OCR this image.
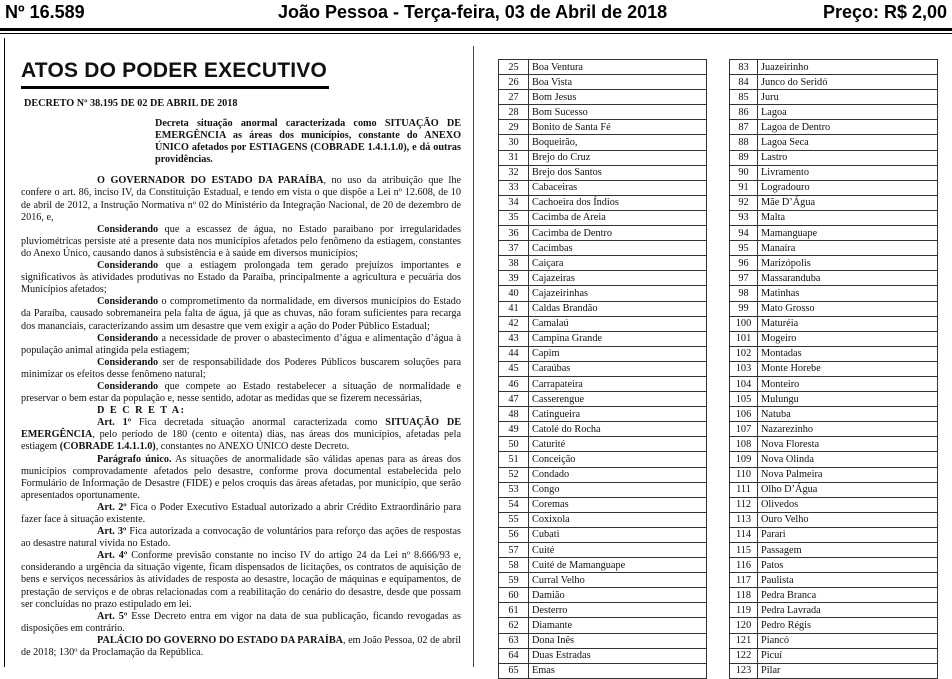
Nº 16.589	João Pessoa - Terça-feira, 03 de Abril de 2018	Preço: R$ 2,00
ATOS DO PODER EXECUTIVO
DECRETO Nº 38.195 DE 02 DE ABRIL DE 2018

Decreta situação anormal caracterizada como SITUAÇÃO DE EMERGÊNCIA as áreas dos municípios, constante do ANEXO ÚNICO afetados por ESTIAGENS (COBRADE 1.4.1.1.0), e dá outras providências.

O GOVERNADOR DO ESTADO DA PARAÍBA, no uso da atribuição que lhe confere o art. 86, inciso IV, da Constituição Estadual, e tendo em vista o que dispõe a Lei nº 12.608, de 10 de abril de 2012, a Instrução Normativa nº 02 do Ministério da Integração Nacional, de 20 de dezembro de 2016, e,

Considerando que a escassez de água, no Estado paraibano por irregularidades pluviométricas persiste até a presente data nos municípios afetados pelo fenômeno da estiagem, constantes do Anexo Único, causando danos à subsistência e à saúde em diversos municípios;

Considerando que a estiagem prolongada tem gerado prejuízos importantes e significativos às atividades produtivas no Estado da Paraíba, principalmente a agricultura e pecuária dos Municípios afetados;

Considerando o comprometimento da normalidade, em diversos municípios do Estado da Paraíba, causado sobremaneira pela falta de água, já que as chuvas, não foram suficientes para recarga dos mananciais, caracterizando assim um desastre que vem exigir a ação do Poder Público Estadual;

Considerando a necessidade de prover o abastecimento d’água e alimentação d’água à população animal atingida pela estiagem;

Considerando ser de responsabilidade dos Poderes Públicos buscarem soluções para minimizar os efeitos desse fenômeno natural;

Considerando que compete ao Estado restabelecer a situação de normalidade e preservar o bem estar da população e, nesse sentido, adotar as medidas que se fizerem necessárias,

D E C R E T A:

Art. 1º Fica decretada situação anormal caracterizada como SITUAÇÃO DE EMERGÊNCIA, pelo período de 180 (cento e oitenta) dias, nas áreas dos municípios, afetadas pela estiagem (COBRADE 1.4.1.1.0), constantes no ANEXO ÚNICO deste Decreto.

Parágrafo único. As situações de anormalidade são válidas apenas para as áreas dos municípios comprovadamente afetados pelo desastre, conforme prova documental estabelecida pelo Formulário de Informação de Desastre (FIDE) e pelos croquis das áreas afetadas, por município, que serão apresentados oportunamente.

Art. 2º Fica o Poder Executivo Estadual autorizado a abrir Crédito Extraordinário para fazer face à situação existente.

Art. 3º Fica autorizada a convocação de voluntários para reforço das ações de respostas ao desastre natural vivida no Estado.

Art. 4º Conforme previsão constante no inciso IV do artigo 24 da Lei nº 8.666/93 e, considerando a urgência da situação vigente, ficam dispensados de licitações, os contratos de aquisição de bens e serviços necessários às atividades de resposta ao desastre, locação de máquinas e equipamentos, de prestação de serviços e de obras relacionadas com a reabilitação do cenário do desastre, desde que possam ser concluídas no prazo estipulado em lei.

Art. 5º Esse Decreto entra em vigor na data de sua publicação, ficando revogadas as disposições em contrário.

PALÁCIO DO GOVERNO DO ESTADO DA PARAÍBA, em João Pessoa, 02 de abril de 2018; 130º da Proclamação da República.

25	Boa Ventura
26	Boa Vista
27	Bom Jesus
28	Bom Sucesso
29	Bonito de Santa Fé
30	Boqueirão,
31	Brejo do Cruz
32	Brejo dos Santos
33	Cabaceiras
34	Cachoeira dos Índios
35	Cacimba de Areia
36	Cacimba de Dentro
37	Cacimbas
38	Caiçara
39	Cajazeiras
40	Cajazeirinhas
41	Caldas Brandão
42	Camalaú
43	Campina Grande
44	Capim
45	Caraúbas
46	Carrapateira
47	Casserengue
48	Catingueira
49	Catolé do Rocha
50	Caturité
51	Conceição
52	Condado
53	Congo
54	Coremas
55	Coxixola
56	Cubati
57	Cuité
58	Cuité de Mamanguape
59	Curral Velho
60	Damião
61	Desterro
62	Diamante
63	Dona Inês
64	Duas Estradas
65	Emas
83	Juazeirinho
84	Junco do Seridó
85	Juru
86	Lagoa
87	Lagoa de Dentro
88	Lagoa Seca
89	Lastro
90	Livramento
91	Logradouro
92	Mãe D’Água
93	Malta
94	Mamanguape
95	Manaíra
96	Marizópolis
97	Massaranduba
98	Matinhas
99	Mato Grosso
100	Maturéia
101	Mogeiro
102	Montadas
103	Monte Horebe
104	Monteiro
105	Mulungu
106	Natuba
107	Nazarezinho
108	Nova Floresta
109	Nova Olinda
110	Nova Palmeira
111	Olho D’Água
112	Olivedos
113	Ouro Velho
114	Parari
115	Passagem
116	Patos
117	Paulista
118	Pedra Branca
119	Pedra Lavrada
120	Pedro Régis
121	Piancó
122	Picuí
123	Pilar
